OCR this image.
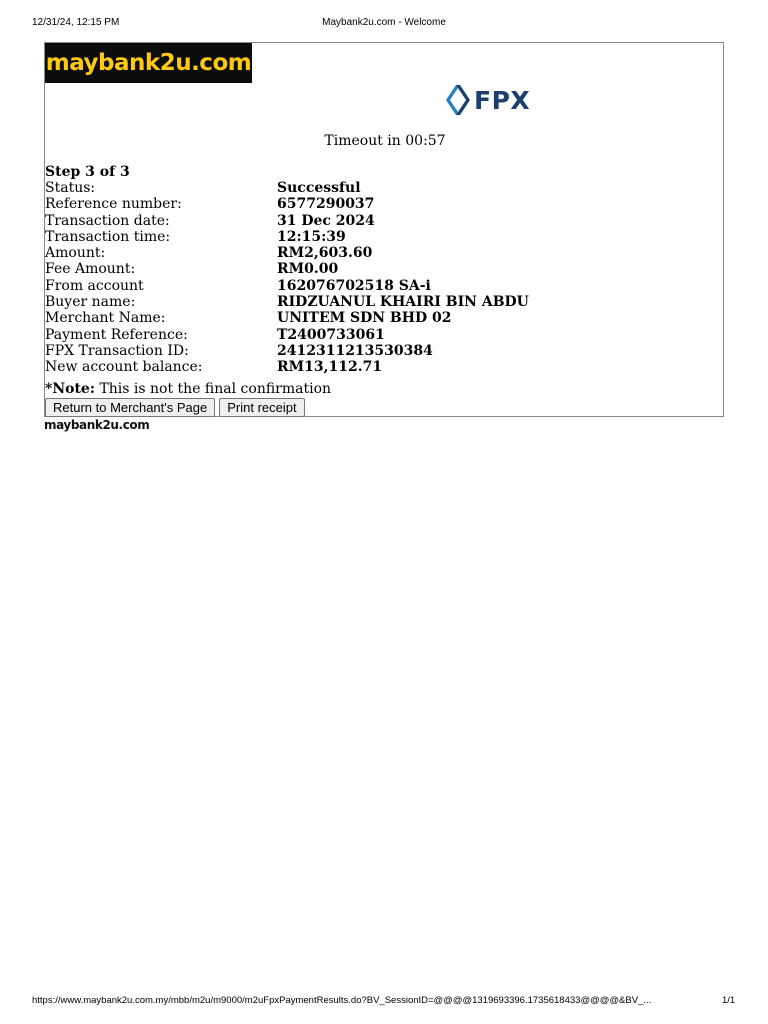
12/31/24, 12:15 PM	Maybank2u.com - Welcome
maybank2u.com
FPX
Timeout in 00:57
Step 3 of 3
Status:	Successful
Reference number:	6577290037
Transaction date:	31 Dec 2024
Transaction time:	12:15:39
Amount:	RM2,603.60
Fee Amount:	RM0.00
From account	162076702518 SA-i
Buyer name:	RIDZUANUL KHAIRI BIN ABDU
Merchant Name:	UNITEM SDN BHD 02
Payment Reference:	T2400733061
FPX Transaction ID:	2412311213530384
New account balance:	RM13,112.71
*Note: This is not the final confirmation
Return to Merchant's Page	Print receipt
maybank2u.com
https://www.maybank2u.com.my/mbb/m2u/m9000/m2uFpxPaymentResults.do?BV_SessionID=@@@@1319693396.1735618433@@@@&BV_...	1/1
